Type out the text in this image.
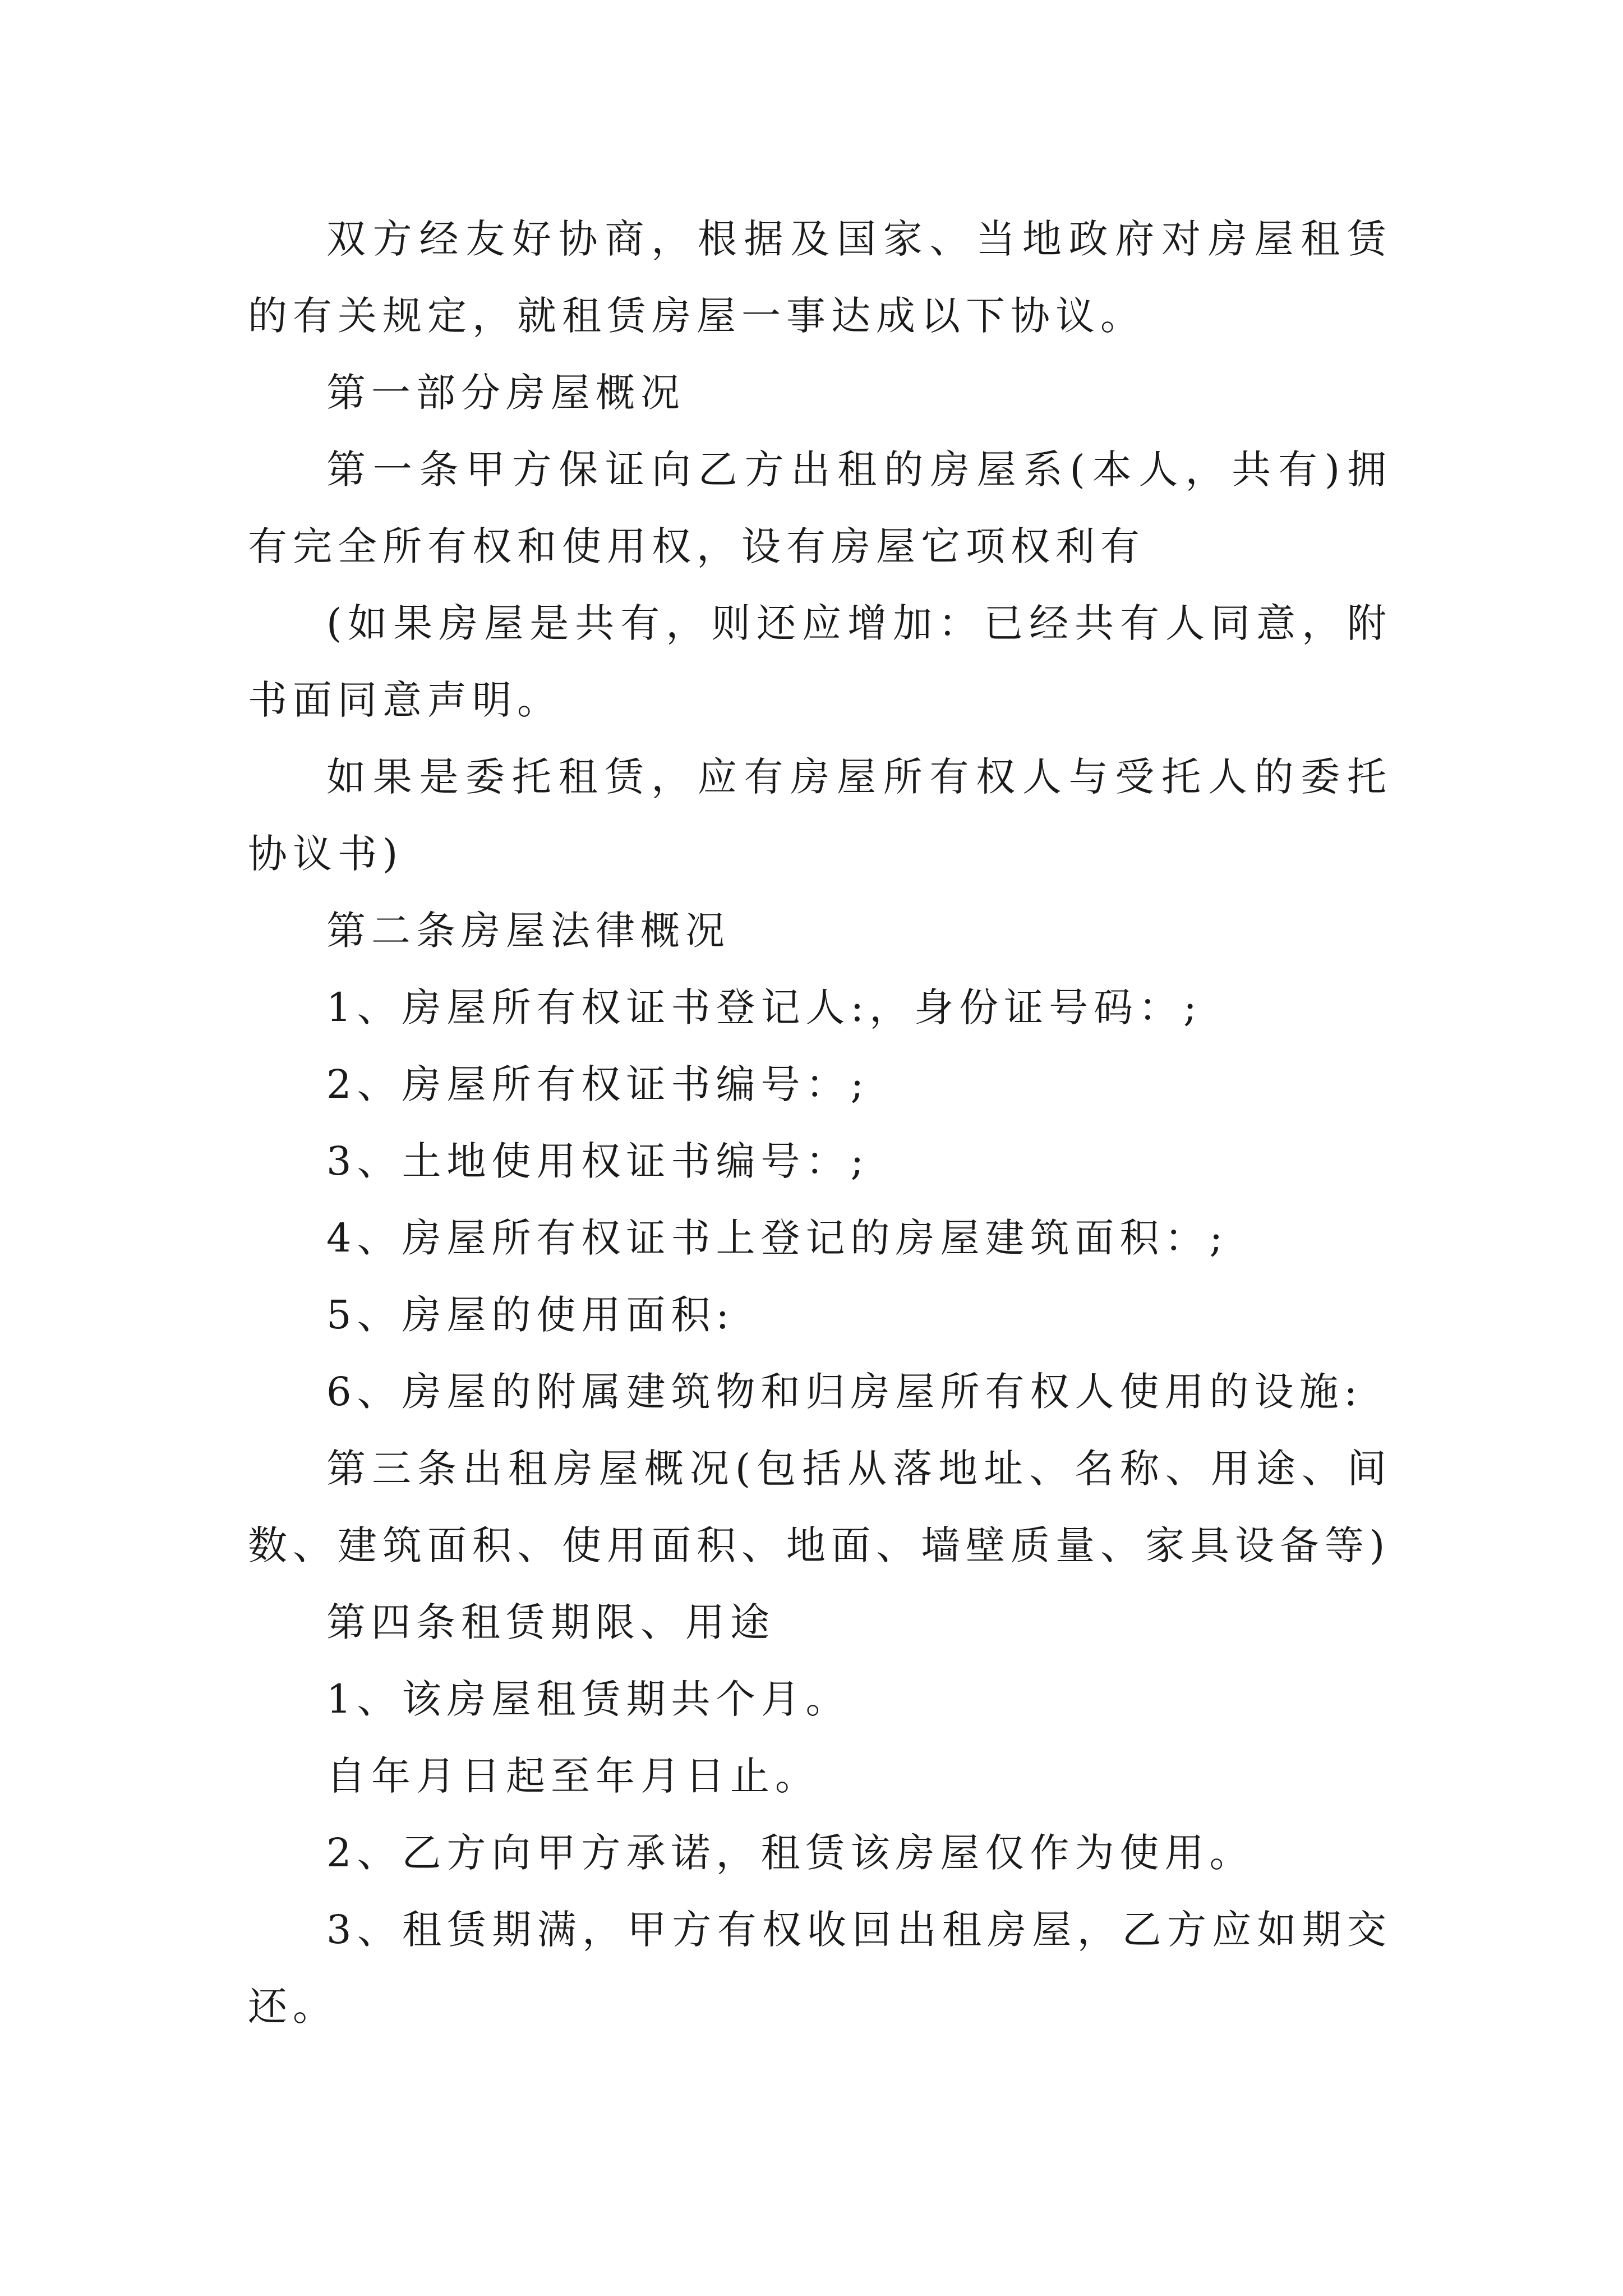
双方经友好协商，根据及国家、当地政府对房屋租赁的有关规定，就租赁房屋一事达成以下协议。

第一部分房屋概况

第一条甲方保证向乙方出租的房屋系(本人，共有)拥有完全所有权和使用权，设有房屋它项权利有

(如果房屋是共有，则还应增加：已经共有人同意，附书面同意声明。

如果是委托租赁，应有房屋所有权人与受托人的委托协议书)

第二条房屋法律概况

1、房屋所有权证书登记人:，身份证号码：;

2、房屋所有权证书编号：;

3、土地使用权证书编号：;

4、房屋所有权证书上登记的房屋建筑面积：;

5、房屋的使用面积:

6、房屋的附属建筑物和归房屋所有权人使用的设施:

第三条出租房屋概况(包括从落地址、名称、用途、间数、建筑面积、使用面积、地面、墙壁质量、家具设备等)

第四条租赁期限、用途

1、该房屋租赁期共个月。

自年月日起至年月日止。

2、乙方向甲方承诺，租赁该房屋仅作为使用。

3、租赁期满，甲方有权收回出租房屋，乙方应如期交还。
